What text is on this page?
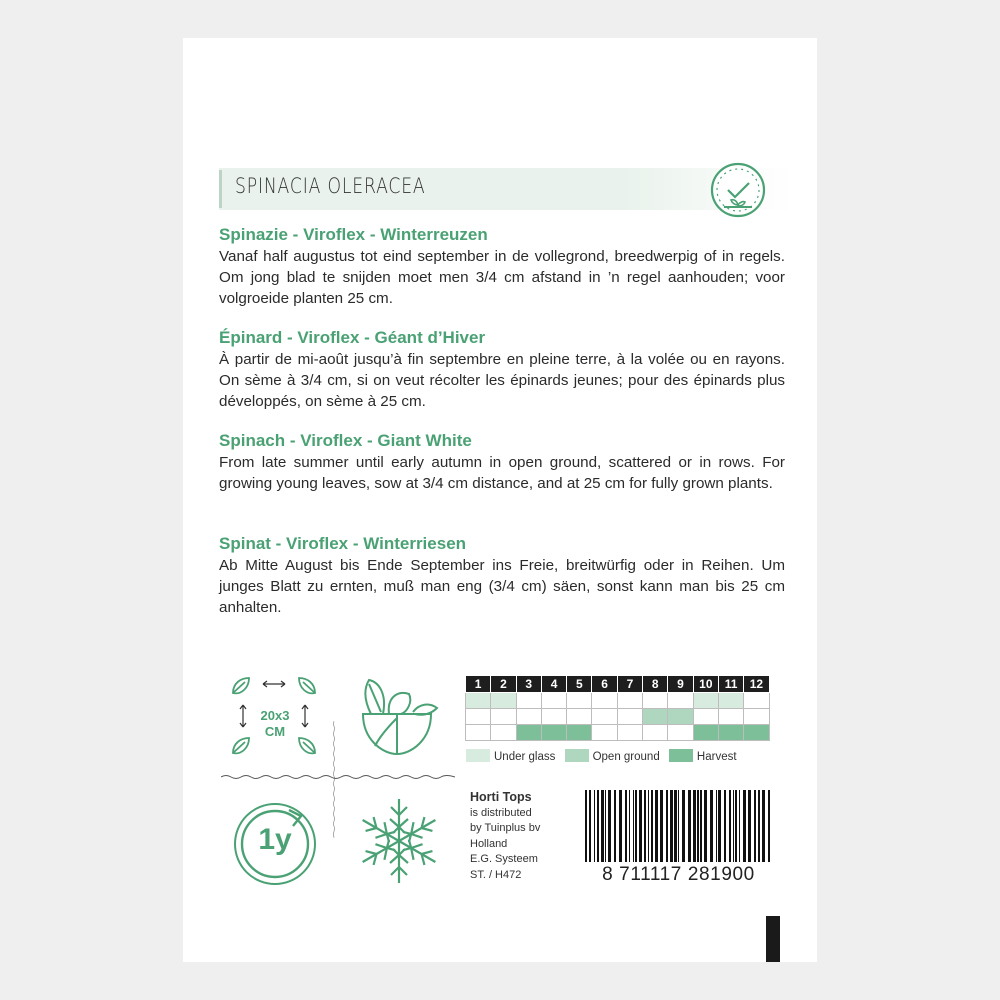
SPINACIA OLERACEA
Spinazie - Viroflex - Winterreuzen

Vanaf half augustus tot eind september in de vollegrond, breedwerpig of in regels. Om jong blad te snijden moet men 3/4 cm afstand in ’n regel aanhouden; voor volgroeide planten 25 cm.

Épinard - Viroflex - Géant d’Hiver

À partir de mi-août jusqu’à fin septembre en pleine terre, à la volée ou en rayons. On sème à 3/4 cm, si on veut récolter les épinards jeunes; pour des épinards plus développés, on sème à 25 cm.

Spinach - Viroflex - Giant White

From late summer until early autumn in open ground, scattered or in rows. For growing young leaves, sow at 3/4 cm distance, and at 25 cm for fully grown plants.

Spinat - Viroflex - Winterriesen

Ab Mitte August bis Ende September ins Freie, breitwürfig oder in Reihen. Um junges Blatt zu ernten, muß man eng (3/4 cm) säen, sonst kann man bis 25 cm anhalten.

20x3
CM
1y
1	2	3	4	5	6	7	8	9	10	11	12

Under glass	Open ground	Harvest
Horti Tops
is distributed
by Tuinplus bv
Holland
E.G. Systeem
ST. / H472	8 711117 281900
